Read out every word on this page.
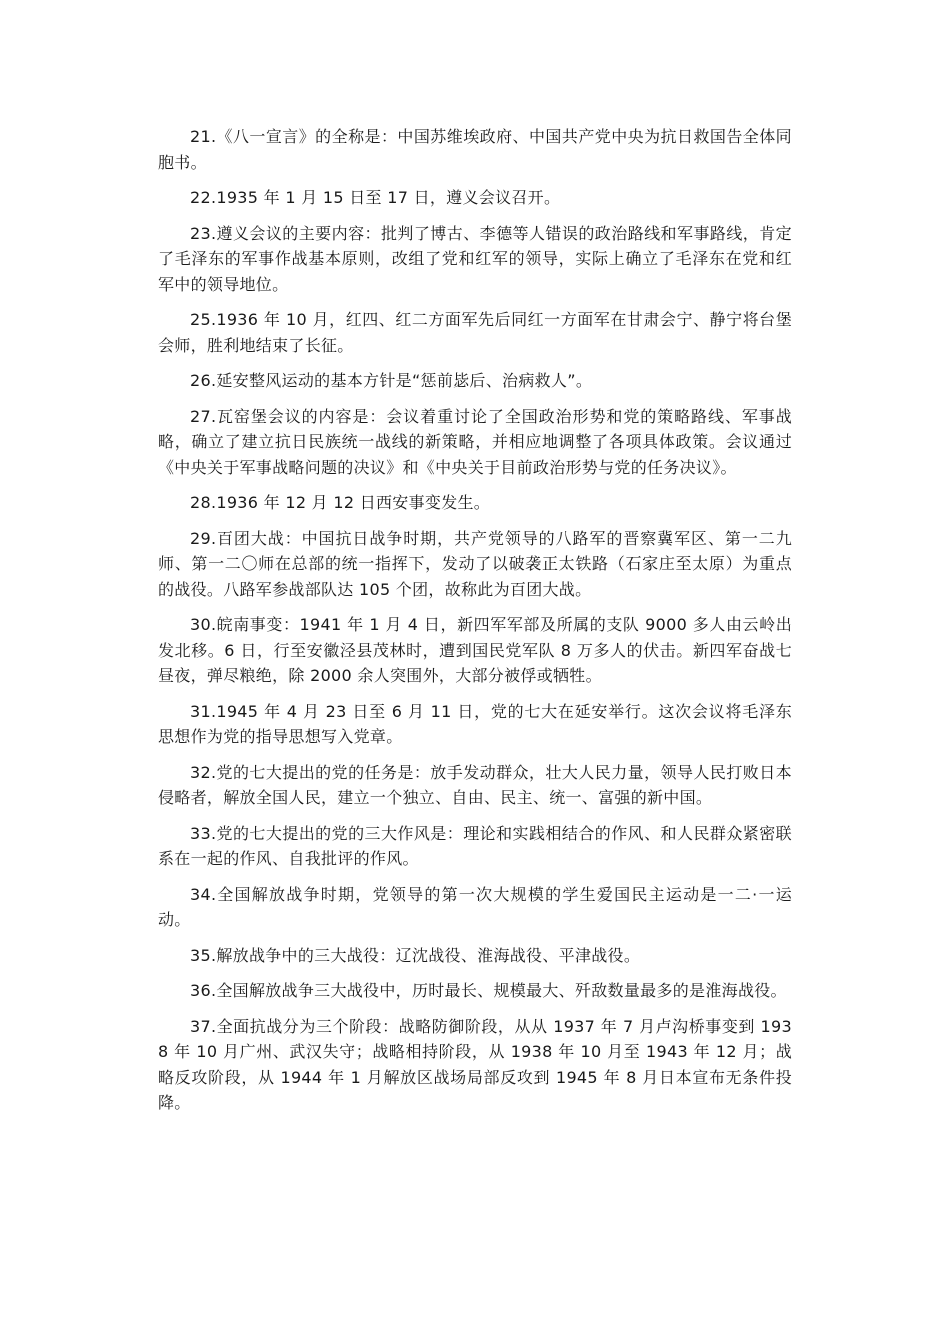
21.《八一宣言》的全称是：中国苏维埃政府、中国共产党中央为抗日救国告全体同胞书。

22.1935 年 1 月 15 日至 17 日，遵义会议召开。

23.遵义会议的主要内容：批判了博古、李德等人错误的政治路线和军事路线，肯定了毛泽东的军事作战基本原则，改组了党和红军的领导，实际上确立了毛泽东在党和红军中的领导地位。

25.1936 年 10 月，红四、红二方面军先后同红一方面军在甘肃会宁、静宁将台堡会师，胜利地结束了长征。

26.延安整风运动的基本方针是“惩前毖后、治病救人”。

27.瓦窑堡会议的内容是：会议着重讨论了全国政治形势和党的策略路线、军事战略，确立了建立抗日民族统一战线的新策略，并相应地调整了各项具体政策。会议通过《中央关于军事战略问题的决议》和《中央关于目前政治形势与党的任务决议》。

28.1936 年 12 月 12 日西安事变发生。

29.百团大战：中国抗日战争时期，共产党领导的八路军的晋察冀军区、第一二九师、第一二〇师在总部的统一指挥下，发动了以破袭正太铁路（石家庄至太原）为重点的战役。八路军参战部队达 105 个团，故称此为百团大战。

30.皖南事变：1941 年 1 月 4 日，新四军军部及所属的支队 9000 多人由云岭出发北移。6 日，行至安徽泾县茂林时，遭到国民党军队 8 万多人的伏击。新四军奋战七昼夜，弹尽粮绝，除 2000 余人突围外，大部分被俘或牺牲。

31.1945 年 4 月 23 日至 6 月 11 日，党的七大在延安举行。这次会议将毛泽东思想作为党的指导思想写入党章。

32.党的七大提出的党的任务是：放手发动群众，壮大人民力量，领导人民打败日本侵略者，解放全国人民，建立一个独立、自由、民主、统一、富强的新中国。

33.党的七大提出的党的三大作风是：理论和实践相结合的作风、和人民群众紧密联系在一起的作风、自我批评的作风。

34.全国解放战争时期，党领导的第一次大规模的学生爱国民主运动是一二·一运动。

35.解放战争中的三大战役：辽沈战役、淮海战役、平津战役。

36.全国解放战争三大战役中，历时最长、规模最大、歼敌数量最多的是淮海战役。

37.全面抗战分为三个阶段：战略防御阶段，从从 1937 年 7 月卢沟桥事变到 1938 年 10 月广州、武汉失守；战略相持阶段，从 1938 年 10 月至 1943 年 12 月；战略反攻阶段，从 1944 年 1 月解放区战场局部反攻到 1945 年 8 月日本宣布无条件投降。
